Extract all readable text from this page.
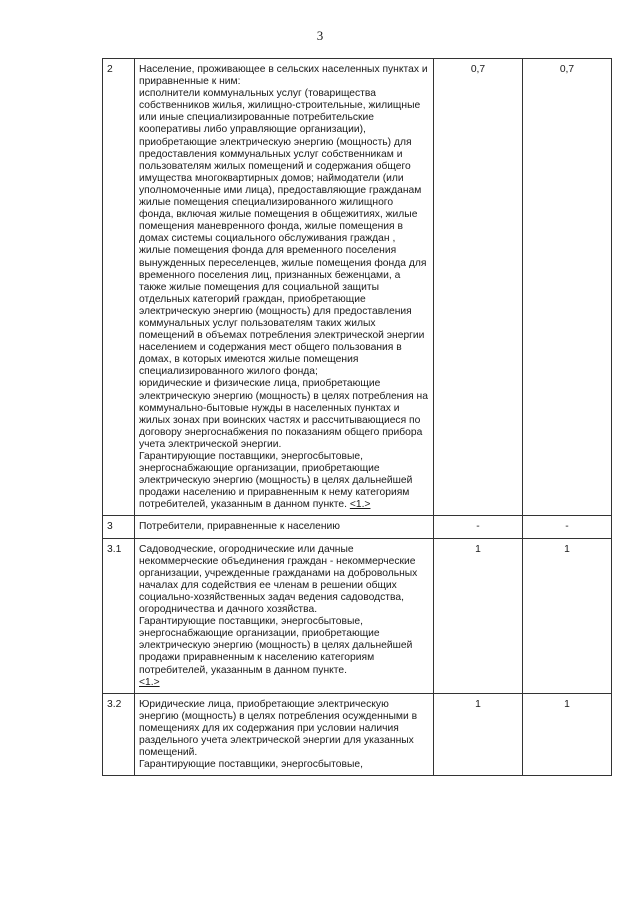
3
2	Население, проживающее в сельских населенных пунктах и приравненные к ним:
исполнители коммунальных услуг (товарищества собственников жилья, жилищно-строительные, жилищные или иные специализированные потребительские кооперативы либо управляющие организации), приобретающие электрическую энергию (мощность) для предоставления коммунальных услуг собственникам и пользователям жилых помещений и содержания общего имущества многоквартирных домов; наймодатели (или уполномоченные ими лица), предоставляющие гражданам жилые помещения специализированного жилищного фонда, включая жилые помещения в общежитиях, жилые помещения маневренного фонда, жилые помещения в домах системы социального обслуживания граждан , жилые помещения фонда для временного поселения вынужденных переселенцев, жилые помещения фонда для временного поселения лиц, признанных беженцами, а также жилые помещения для социальной защиты отдельных категорий граждан, приобретающие электрическую энергию (мощность) для предоставления коммунальных услуг пользователям таких жилых помещений в объемах потребления электрической энергии населением и содержания мест общего пользования в домах, в которых имеются жилые помещения специализированного жилого фонда;
юридические и физические лица, приобретающие электрическую энергию (мощность) в целях потребления на коммунально-бытовые нужды в населенных пунктах и жилых зонах при воинских частях и рассчитывающиеся по договору энергоснабжения по показаниям общего прибора учета электрической энергии.
Гарантирующие поставщики, энергосбытовые, энергоснабжающие организации, приобретающие электрическую энергию (мощность) в целях дальнейшей продажи населению и приравненным к нему категориям потребителей, указанным в данном пункте. <1.>	0,7	0,7
3	Потребители, приравненные к населению	-	-
3.1	Садоводческие, огороднические или дачные некоммерческие объединения граждан - некоммерческие организации, учрежденные гражданами на добровольных началах для содействия ее членам в решении общих социально-хозяйственных задач ведения садоводства, огородничества и дачного хозяйства.
Гарантирующие поставщики, энергосбытовые, энергоснабжающие организации, приобретающие электрическую энергию (мощность) в целях дальнейшей продажи приравненным к населению категориям потребителей, указанным в данном пункте.
<1.>	1	1
3.2	Юридические лица, приобретающие электрическую энергию (мощность) в целях потребления осужденными в помещениях для их содержания при условии наличия раздельного учета электрической энергии для указанных помещений.
Гарантирующие поставщики, энергосбытовые,	1	1
